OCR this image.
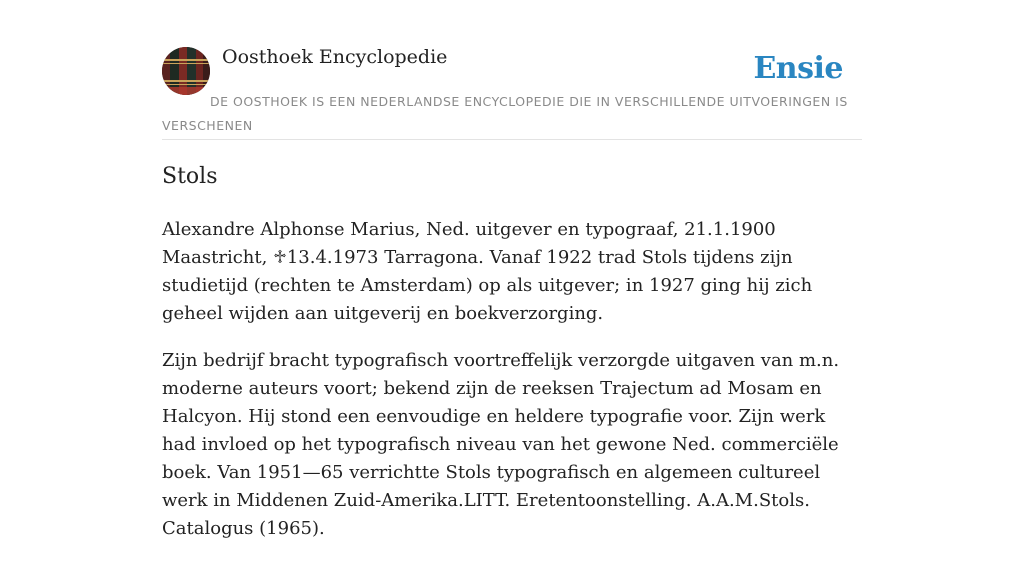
Oosthoek Encyclopedie	Ensie
DE OOSTHOEK IS EEN NEDERLANDSE ENCYCLOPEDIE DIE IN VERSCHILLENDE UITVOERINGEN IS VERSCHENEN
Stols

Alexandre Alphonse Marius, Ned. uitgever en typograaf, 21.1.1900 Maastricht, ♱13.4.1973 Tarragona. Vanaf 1922 trad Stols tijdens zijn studietijd (rechten te Amsterdam) op als uitgever; in 1927 ging hij zich geheel wijden aan uitgeverij en boekverzorging.

Zijn bedrijf bracht typografisch voortreffelijk verzorgde uitgaven van m.n. moderne auteurs voort; bekend zijn de reeksen Trajectum ad Mosam en Halcyon. Hij stond een eenvoudige en heldere typografie voor. Zijn werk had invloed op het typografisch niveau van het gewone Ned. commerciële boek. Van 1951—65 verrichtte Stols typografisch en algemeen cultureel werk in Middenen Zuid-Amerika.LITT. Eretentoonstelling. A.A.M.Stols. Catalogus (1965).
